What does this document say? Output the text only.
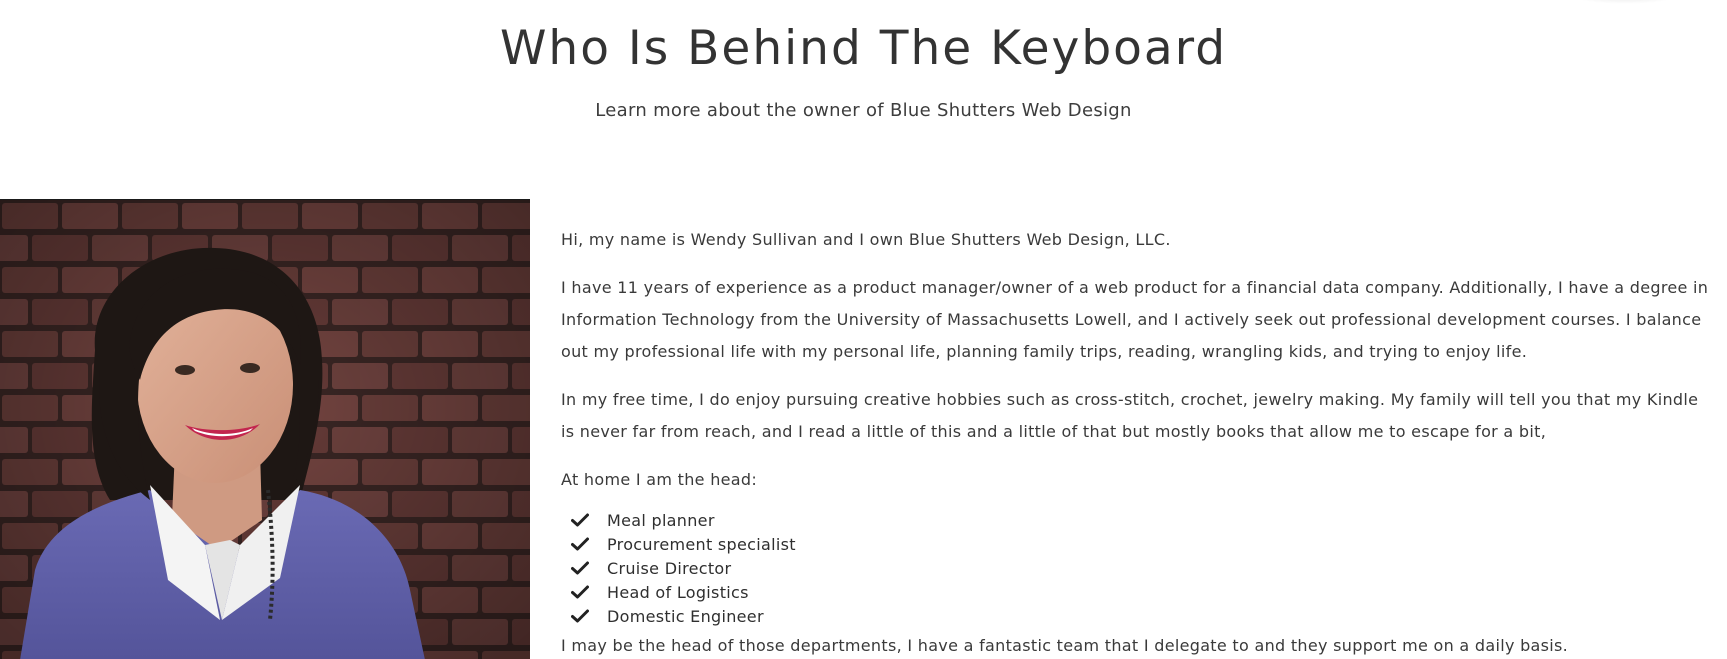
Who Is Behind The Keyboard
Learn more about the owner of Blue Shutters Web Design

Hi, my name is Wendy Sullivan and I own Blue Shutters Web Design, LLC.

I have 11 years of experience as a product manager/owner of a web product for a financial data company. Additionally, I have a degree in Information Technology from the University of Massachusetts Lowell, and I actively seek out professional development courses. I balance out my professional life with my personal life, planning family trips, reading, wrangling kids, and trying to enjoy life.

In my free time, I do enjoy pursuing creative hobbies such as cross-stitch, crochet, jewelry making. My family will tell you that my Kindle is never far from reach, and I read a little of this and a little of that but mostly books that allow me to escape for a bit,

At home I am the head:

Meal planner
Procurement specialist
Cruise Director
Head of Logistics
Domestic Engineer

I may be the head of those departments, I have a fantastic team that I delegate to and they support me on a daily basis.
